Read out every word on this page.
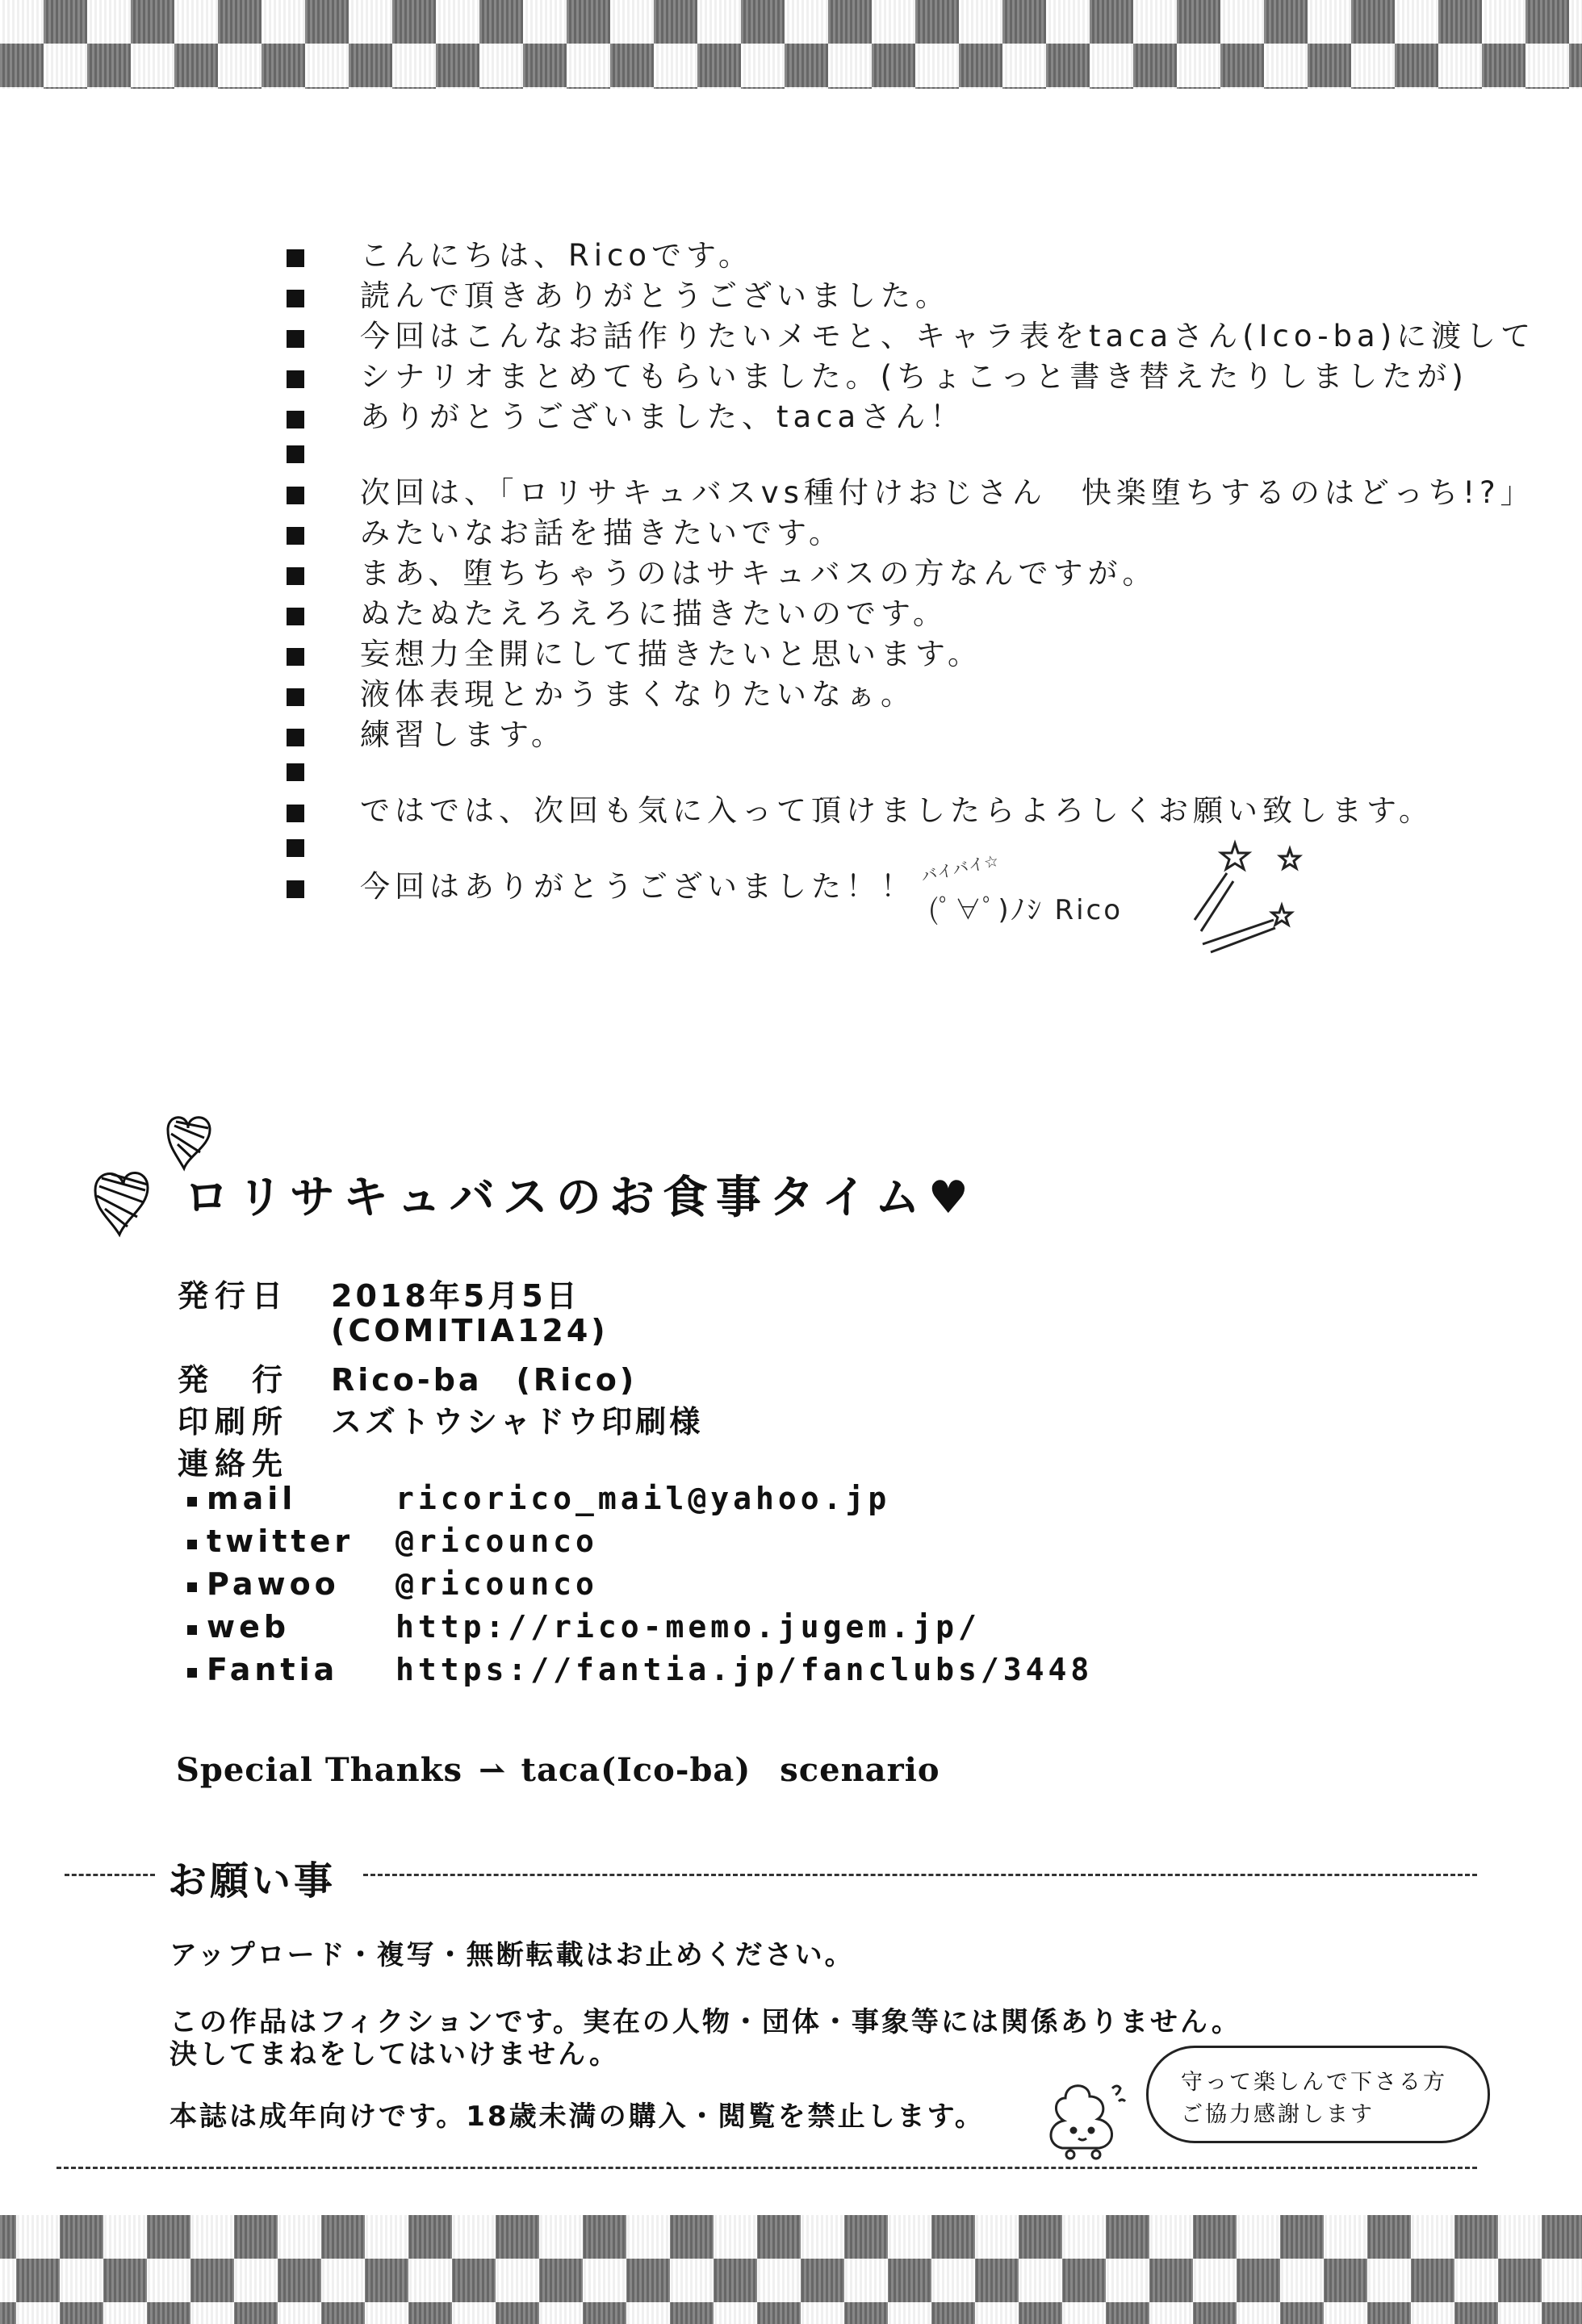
こんにちは、Ricoです。
読んで頂きありがとうございました。
今回はこんなお話作りたいメモと、キャラ表をtacaさん(Ico-ba)に渡して
シナリオまとめてもらいました。(ちょこっと書き替えたりしましたが)
ありがとうございました、tacaさん！
次回は、「ロリサキュバスvs種付けおじさん　快楽堕ちするのはどっち!?」
みたいなお話を描きたいです。
まあ、堕ちちゃうのはサキュバスの方なんですが。
ぬたぬたえろえろに描きたいのです。
妄想力全開にして描きたいと思います。
液体表現とかうまくなりたいなぁ。
練習します。
ではでは、次回も気に入って頂けましたらよろしくお願い致します。
今回はありがとうございました！！
バイバイ☆
(ﾟ∀ﾟ)ﾉｼ Rico
ロリサキュバスのお食事タイム♥
発行日 2018年5月5日
(COMITIA124)
発　行 Rico-ba　(Rico)
印刷所 スズトウシャドウ印刷様
連絡先
mail	ricorico_mail@yahoo.jp
twitter @ricounco
Pawoo @ricounco
web	http://rico-memo.jugem.jp/
Fantia https://fantia.jp/fanclubs/3448
Special Thanks ⇀ taca(Ico-ba) scenario
お願い事
アップロード・複写・無断転載はお止めください。
この作品はフィクションです。実在の人物・団体・事象等には関係ありません。
決してまねをしてはいけません。
本誌は成年向けです。18歳未満の購入・閲覧を禁止します。
守って楽しんで下さる方
ご協力感謝します
